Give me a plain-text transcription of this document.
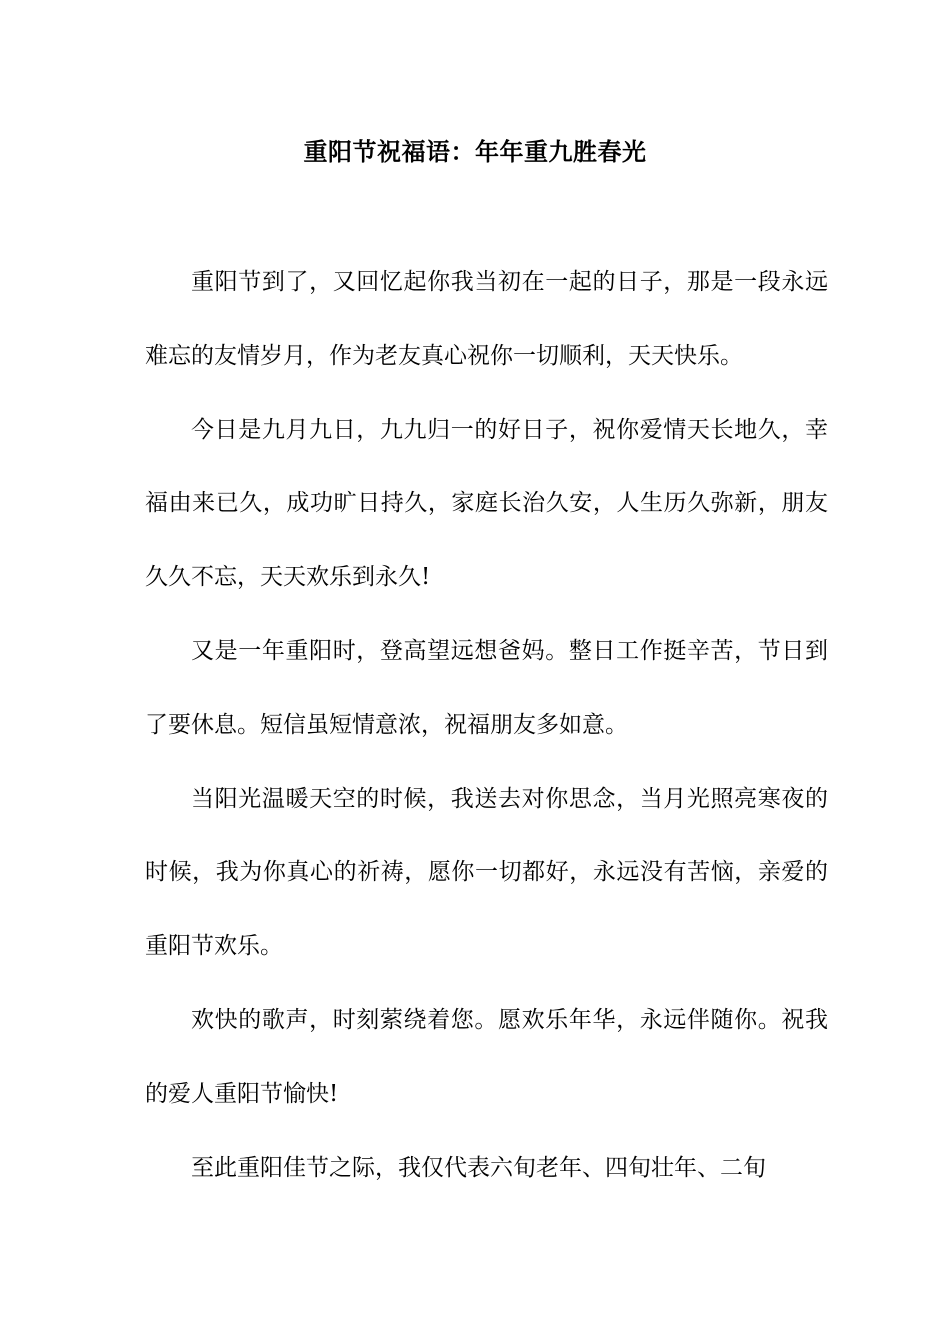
重阳节祝福语：年年重九胜春光

重阳节到了，又回忆起你我当初在一起的日子，那是一段永远难忘的友情岁月，作为老友真心祝你一切顺利，天天快乐。

今日是九月九日，九九归一的好日子，祝你爱情天长地久，幸福由来已久，成功旷日持久，家庭长治久安，人生历久弥新，朋友久久不忘，天天欢乐到永久!

又是一年重阳时，登高望远想爸妈。整日工作挺辛苦，节日到了要休息。短信虽短情意浓，祝福朋友多如意。

当阳光温暖天空的时候，我送去对你思念，当月光照亮寒夜的时候，我为你真心的祈祷，愿你一切都好，永远没有苦恼，亲爱的重阳节欢乐。

欢快的歌声，时刻萦绕着您。愿欢乐年华，永远伴随你。祝我的爱人重阳节愉快!

至此重阳佳节之际，我仅代表六旬老年、四旬壮年、二旬
